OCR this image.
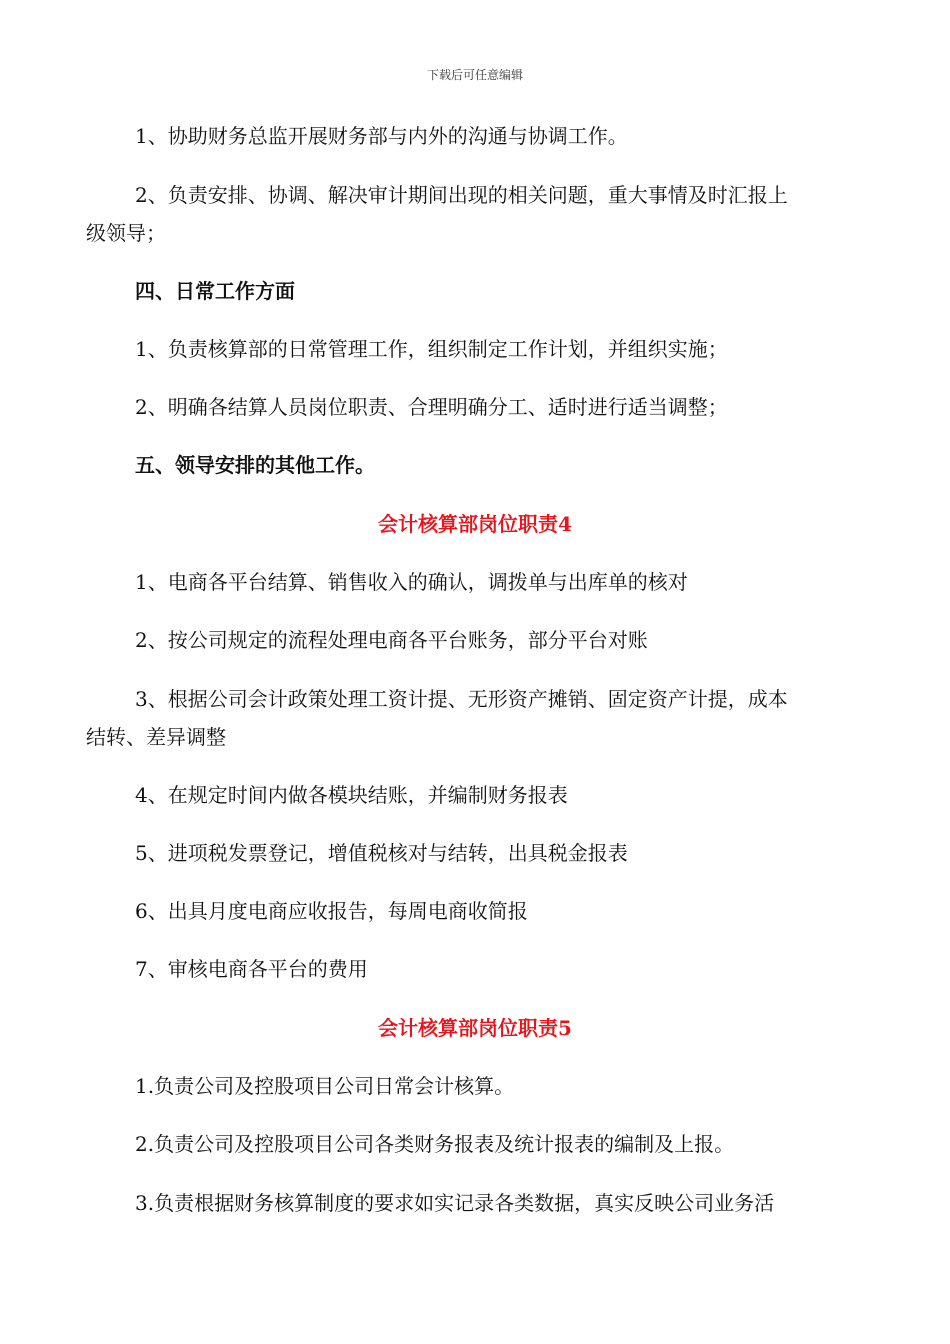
下载后可任意编辑

1、协助财务总监开展财务部与内外的沟通与协调工作。

2、负责安排、协调、解决审计期间出现的相关问题，重大事情及时汇报上

级领导；

四、日常工作方面

1、负责核算部的日常管理工作，组织制定工作计划，并组织实施；

2、明确各结算人员岗位职责、合理明确分工、适时进行适当调整；

五、领导安排的其他工作。

会计核算部岗位职责4

1、电商各平台结算、销售收入的确认，调拨单与出库单的核对

2、按公司规定的流程处理电商各平台账务，部分平台对账

3、根据公司会计政策处理工资计提、无形资产摊销、固定资产计提，成本

结转、差异调整

4、在规定时间内做各模块结账，并编制财务报表

5、进项税发票登记，增值税核对与结转，出具税金报表

6、出具月度电商应收报告，每周电商收简报

7、审核电商各平台的费用

会计核算部岗位职责5

1.负责公司及控股项目公司日常会计核算。

2.负责公司及控股项目公司各类财务报表及统计报表的编制及上报。

3.负责根据财务核算制度的要求如实记录各类数据，真实反映公司业务活
